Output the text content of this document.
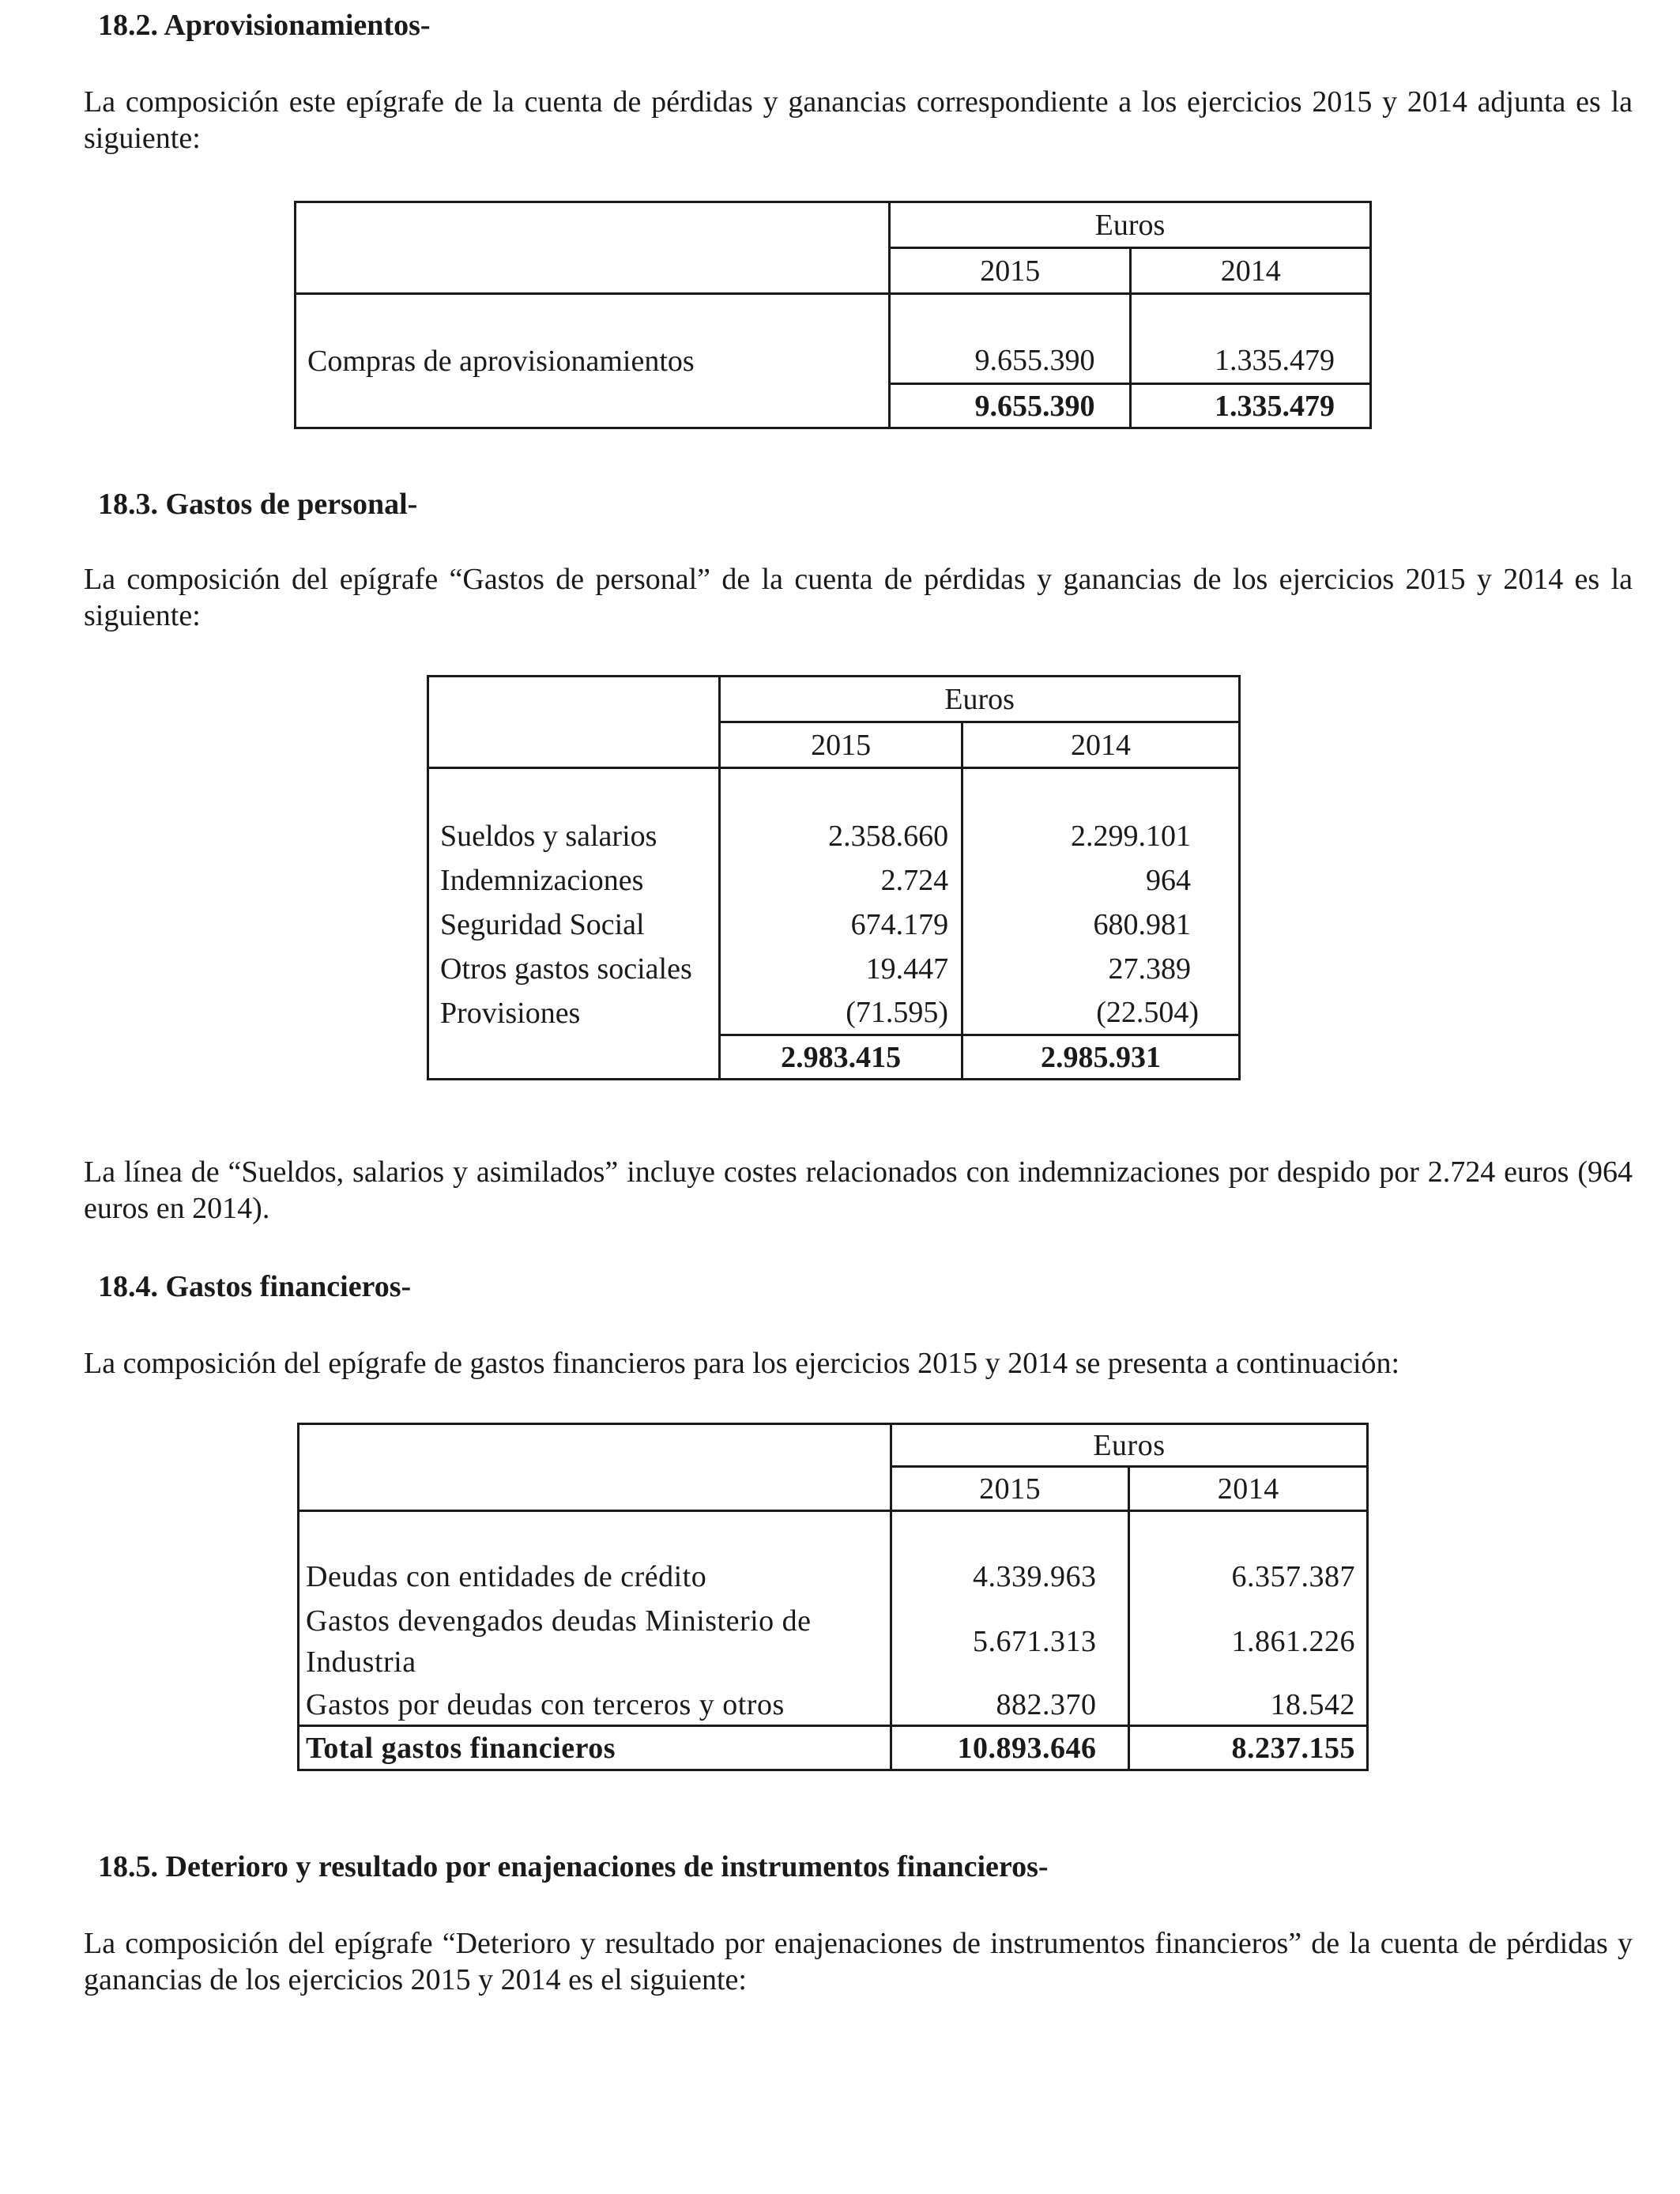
18.2. Aprovisionamientos-

La composición este epígrafe de la cuenta de pérdidas y ganancias correspondiente a los ejercicios 2015 y 2014 adjunta es la siguiente:

	Euros	
	2015	2014

Compras de aprovisionamientos	9.655.390	1.335.479
	9.655.390	1.335.479
18.3. Gastos de personal-

La composición del epígrafe “Gastos de personal” de la cuenta de pérdidas y ganancias de los ejercicios 2015 y 2014 es la siguiente:

	Euros	
	2015	2014

Sueldos y salarios	2.358.660	2.299.101
Indemnizaciones	2.724	964
Seguridad Social	674.179	680.981
Otros gastos sociales	19.447	27.389
Provisiones	(71.595)	(22.504)
	2.983.415	2.985.931

La línea de “Sueldos, salarios y asimilados” incluye costes relacionados con indemnizaciones por despido por 2.724 euros (964 euros en 2014).

18.4. Gastos financieros-

La composición del epígrafe de gastos financieros para los ejercicios 2015 y 2014 se presenta a continuación:

	Euros	
	2015	2014

Deudas con entidades de crédito	4.339.963	6.357.387
Gastos devengados deudas Ministerio de Industria	5.671.313	1.861.226
Gastos por deudas con terceros y otros	882.370	18.542
Total gastos financieros	10.893.646	8.237.155
18.5. Deterioro y resultado por enajenaciones de instrumentos financieros-

La composición del epígrafe “Deterioro y resultado por enajenaciones de instrumentos financieros” de la cuenta de pérdidas y ganancias de los ejercicios 2015 y 2014 es el siguiente:
